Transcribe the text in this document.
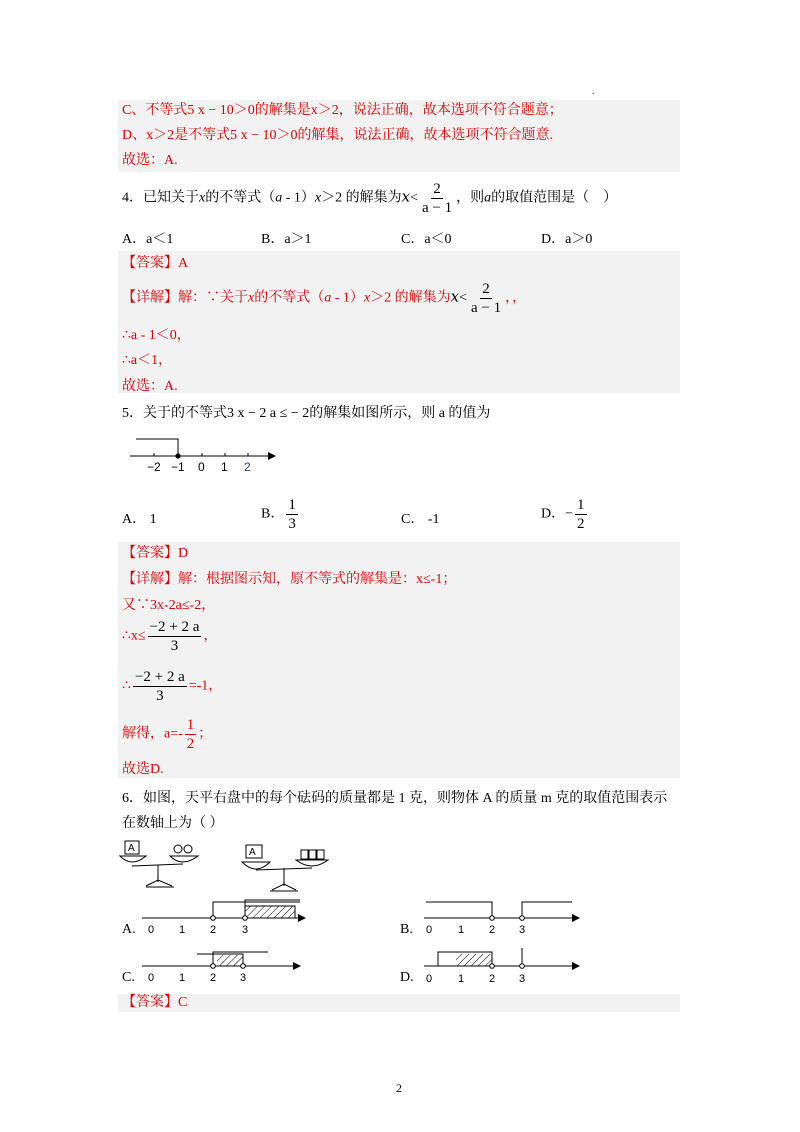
.
C、不等式5 x − 10＞0的解集是x＞2，说法正确，故本选项不符合题意；
D、x＞2是不等式5 x − 10＞0的解集，说法正确，故本选项不符合题意.
故选：A.
4．已知关于x的不等式（a - 1）x＞2 的解集为$x< \frac{2}{a - 1}$ ，则a的取值范围是（　）
A．a＜1	B．a＞1	C．a＜0	D．a＞0
【答案】A
【详解】解：∵关于x的不等式（a - 1）x＞2 的解集为$x< \frac{2}{a - 1}$ ，，
∴a - 1＜0，
∴a＜1，
故选：A.
5．关于的不等式3 x − 2 a ≤ − 2的解集如图所示，则 a 的值为
−2 −1 0 1 2
A． 1	B． $\frac{1}{3}$	C． -1	D．− $\frac{1}{2}$
【答案】D
【详解】解：根据图示知，原不等式的解集是：x≤-1；
又∵3x-2a≤-2，
∴x≤ $\frac{-2 + 2 a}{3}$ ，
∴ $\frac{-2 + 2 a}{3} =-1$，
解得，$a=- \frac{1}{2}$ ；
故选D.
6．如图，天平右盘中的每个砝码的质量都是 1 克，则物体 A 的质量 m 克的取值范围表示
在数轴上为（ ）
A	A
A. 0 1 2 3	B. 0 1 2 3
C. 0 1 2 3	D. 0 1 2 3
【答案】C
2
